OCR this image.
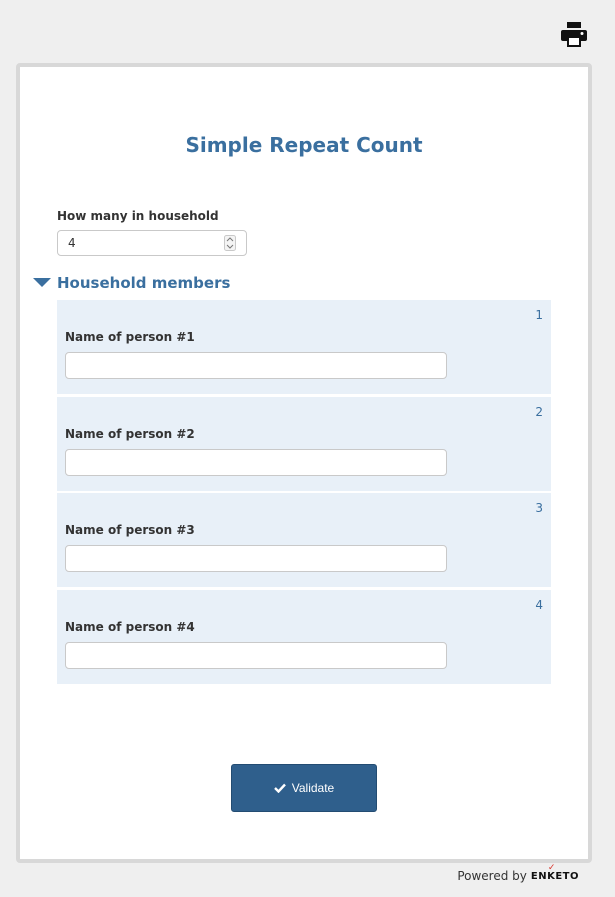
Simple Repeat Count
How many in household
4
Household members
1
Name of person #1
2
Name of person #2
3
Name of person #3
4
Name of person #4
Validate
Powered by ENKETO
✓
